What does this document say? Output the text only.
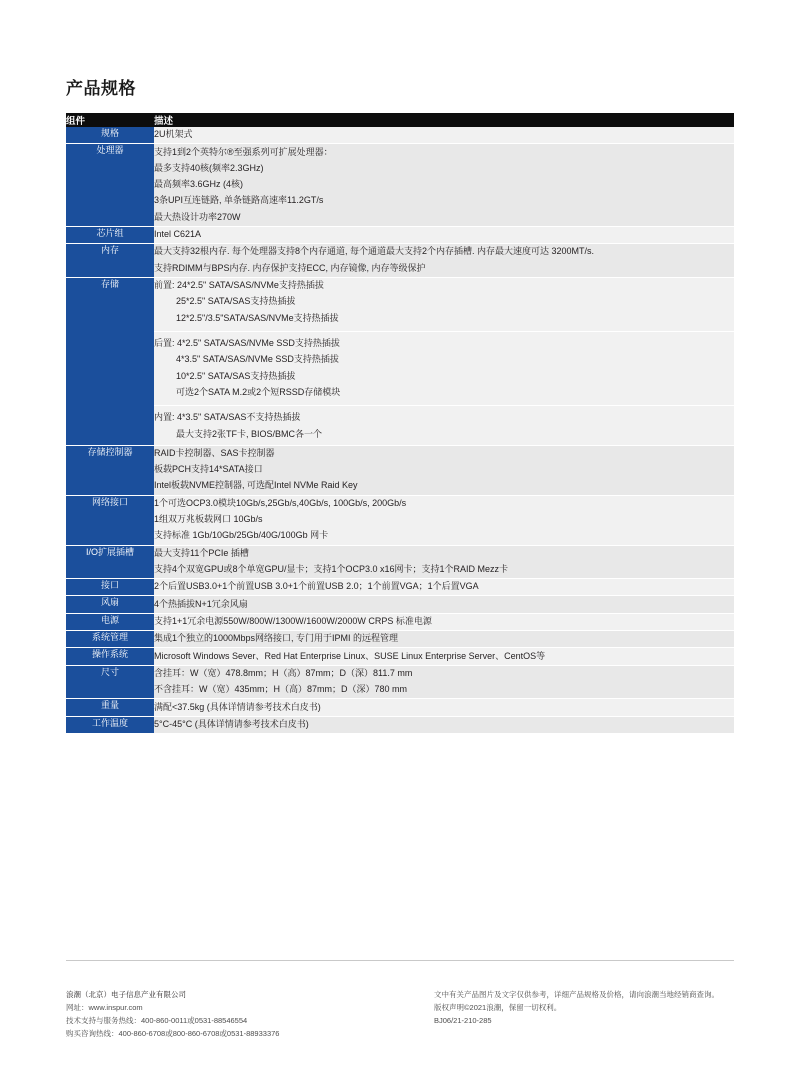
产品规格
组件	描述
规格	2U机架式

处理器	支持1到2个英特尔®至强系列可扩展处理器：
最多支持40核(频率2.3GHz)
最高频率3.6GHz (4核)
3条UPI互连链路, 单条链路高速率11.2GT/s
最大热设计功率270W

芯片组	Intel C621A

内存	最大支持32根内存. 每个处理器支持8个内存通道, 每个通道最大支持2个内存插槽. 内存最大速度可达 3200MT/s.
支持RDIMM与BPS内存. 内存保护支持ECC, 内存镜像, 内存等级保护

存储	前置: 24*2.5" SATA/SAS/NVMe支持热插拔
25*2.5" SATA/SAS支持热插拔
12*2.5"/3.5"SATA/SAS/NVMe支持热插拔
后置: 4*2.5" SATA/SAS/NVMe SSD支持热插拔
4*3.5" SATA/SAS/NVMe SSD支持热插拔
10*2.5" SATA/SAS支持热插拔
可选2个SATA M.2或2个短RSSD存储模块
内置: 4*3.5" SATA/SAS不支持热插拔
最大支持2张TF卡, BIOS/BMC各一个

存储控制器	RAID卡控制器、SAS卡控制器
板载PCH支持14*SATA接口
Intel板载NVME控制器, 可选配Intel NVMe Raid Key

网络接口	1个可选OCP3.0模块10Gb/s,25Gb/s,40Gb/s, 100Gb/s, 200Gb/s
1组双万兆板载网口 10Gb/s
支持标准 1Gb/10Gb/25Gb/40G/100Gb 网卡

I/O扩展插槽	最大支持11个PCIe 插槽
支持4个双宽GPU或8个单宽GPU/显卡；支持1个OCP3.0 x16网卡；支持1个RAID Mezz卡

接口	2个后置USB3.0+1个前置USB 3.0+1个前置USB 2.0；1个前置VGA；1个后置VGA

风扇	4个热插拔N+1冗余风扇

电源	支持1+1冗余电源550W/800W/1300W/1600W/2000W CRPS 标准电源

系统管理	集成1个独立的1000Mbps网络接口, 专门用于IPMI 的远程管理

操作系统	Microsoft Windows Sever、Red Hat Enterprise Linux、SUSE Linux Enterprise Server、CentOS等

尺寸	含挂耳：W（宽）478.8mm；H（高）87mm；D（深）811.7 mm
不含挂耳：W（宽）435mm；H（高）87mm；D（深）780 mm

重量	满配<37.5kg (具体详情请参考技术白皮书)

工作温度	5°C-45°C (具体详情请参考技术白皮书)
浪潮（北京）电子信息产业有限公司
网址：www.inspur.com
技术支持与服务热线：400-860-0011或0531-88546554
购买咨询热线：400-860-6708或800-860-6708或0531-88933376
文中有关产品图片及文字仅供参考，详细产品规格及价格，请向浪潮当地经销商查询。
版权声明©2021浪潮，保留一切权利。
BJ06/21-210-285
